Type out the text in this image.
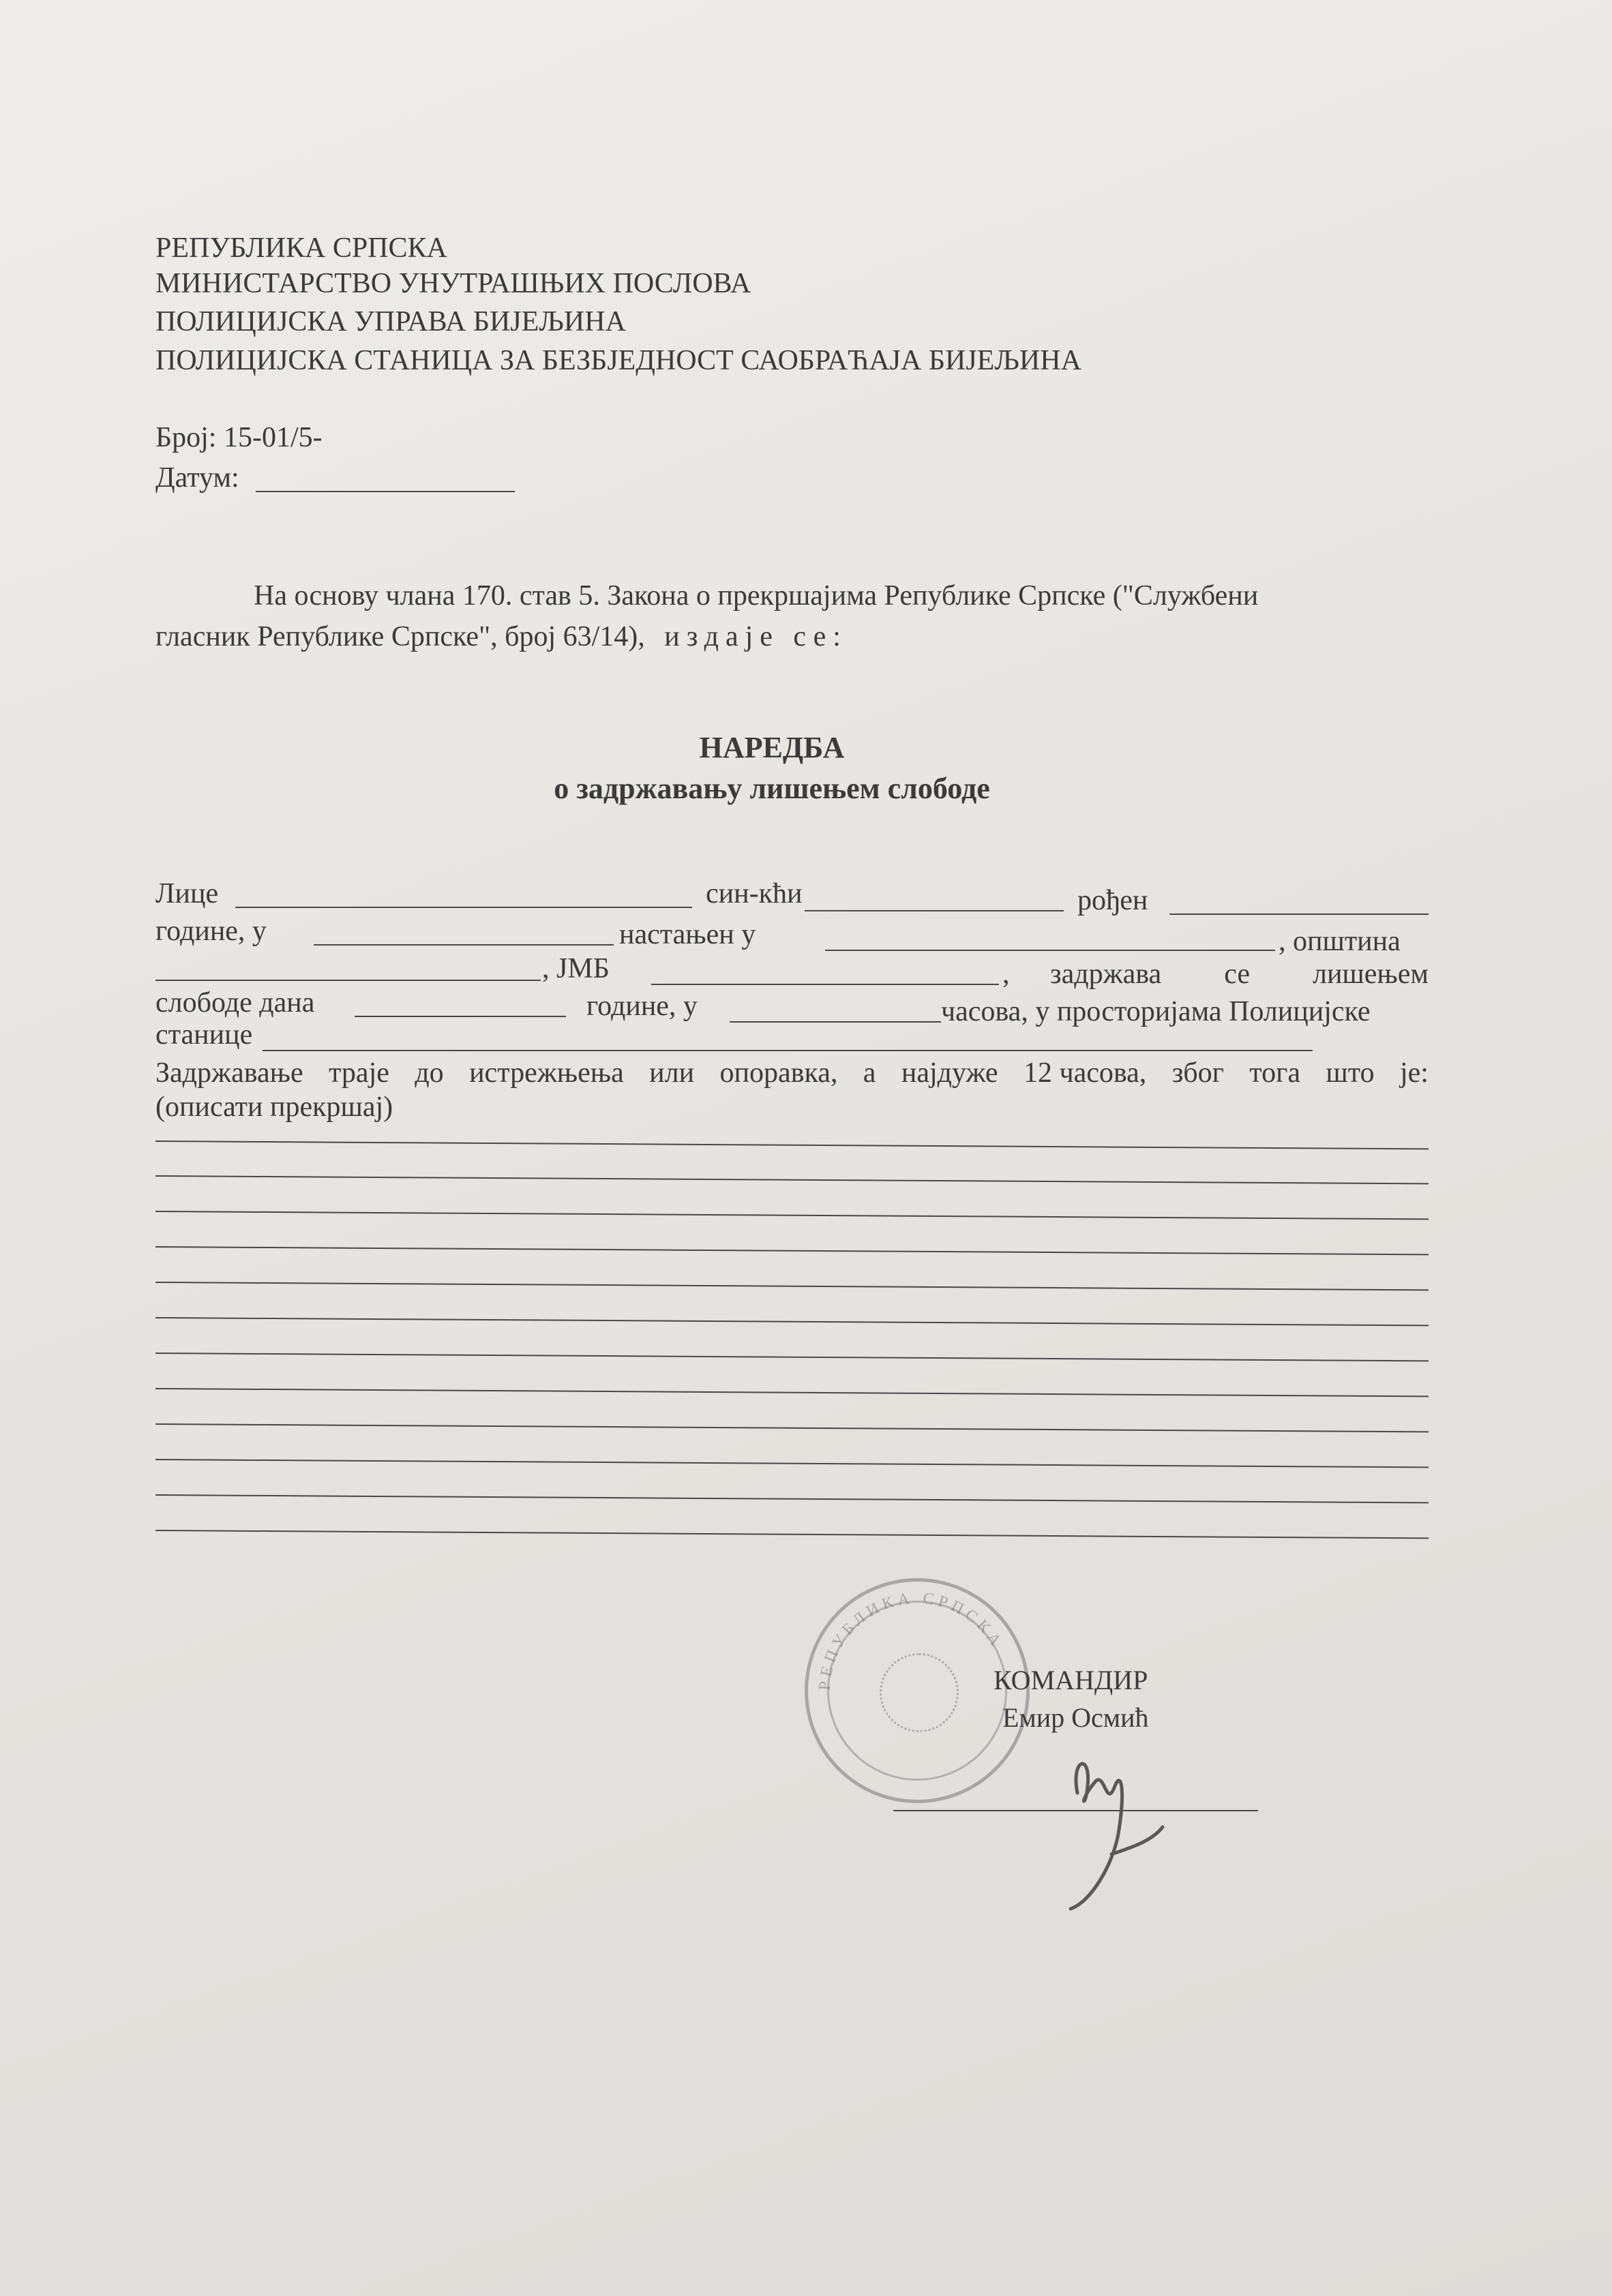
РЕПУБЛИКА СРПСКА
МИНИСТАРСТВО УНУТРАШЊИХ ПОСЛОВА
ПОЛИЦИЈСКА УПРАВА БИЈЕЉИНА
ПОЛИЦИЈСКА СТАНИЦА ЗА БЕЗБЈЕДНОСТ САОБРАЋАЈА БИЈЕЉИНА
Број: 15-01/5-
Датум:
На основу члана 170. став 5. Закона о прекршајима Републике Српске ("Службени
гласник Републике Српске", број 63/14), издаје се:
НАРЕДБА
о задржавању лишењем слободе
Лице	син-кћи	рођен
године, у	настањен у	, општина
, ЈМБ	, задржава се лишењем
слободе дана	године, у	часова, у просторијама Полицијске
станице
Задржавање траје до истрежњења или опоравка, а најдуже 12 часова, због тога што је:
(описати прекршај)
РЕПУБЛИКА СРПСКА
КОМАНДИР
Емир Осмић
